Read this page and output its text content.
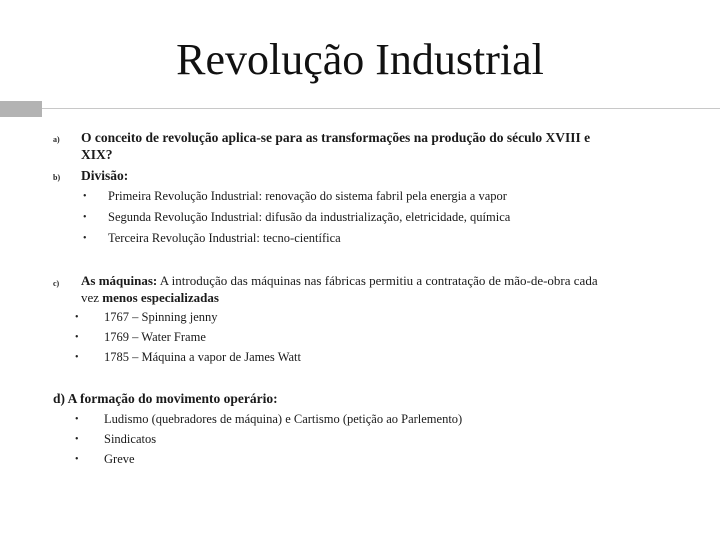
Revolução Industrial
a) O conceito de revolução aplica-se para as transformações na produção do século XVIII e
XIX?
b) Divisão:
• Primeira Revolução Industrial: renovação do sistema fabril pela energia a vapor
• Segunda Revolução Industrial: difusão da industrialização, eletricidade, química
• Terceira Revolução Industrial: tecno-científica
c) As máquinas: A introdução das máquinas nas fábricas permitiu a contratação de mão-de-obra cada
vez menos especializadas
• 1767 – Spinning jenny
• 1769 – Water Frame
• 1785 – Máquina a vapor de James Watt
d) A formação do movimento operário:
• Ludismo (quebradores de máquina) e Cartismo (petição ao Parlemento)
• Sindicatos
• Greve
